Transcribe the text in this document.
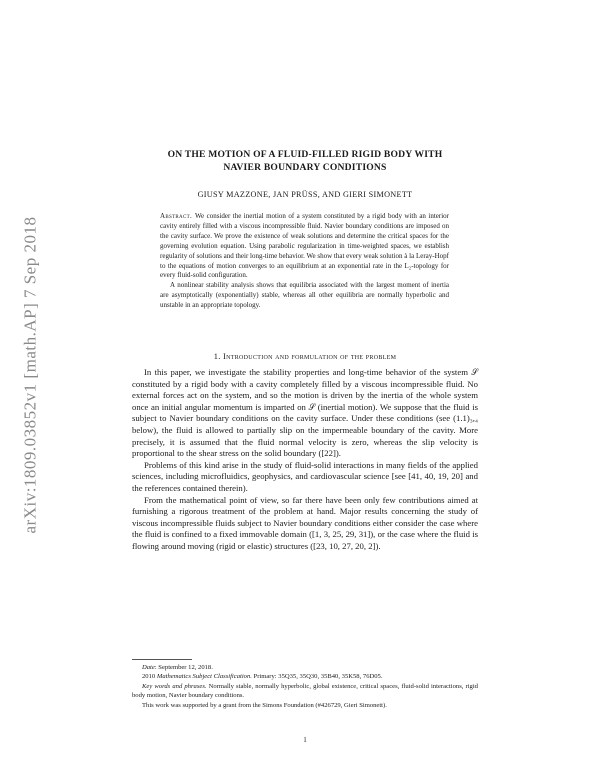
arXiv:1809.03852v1 [math.AP] 7 Sep 2018
ON THE MOTION OF A FLUID-FILLED RIGID BODY WITH
NAVIER BOUNDARY CONDITIONS
GIUSY MAZZONE, JAN PRÜSS, AND GIERI SIMONETT

Abstract. We consider the inertial motion of a system constituted by a rigid body with an interior cavity entirely filled with a viscous incompressible fluid. Navier boundary conditions are imposed on the cavity surface. We prove the existence of weak solutions and determine the critical spaces for the governing evolution equation. Using parabolic regularization in time-weighted spaces, we establish regularity of solutions and their long-time behavior. We show that every weak solution à la Leray-Hopf to the equations of motion converges to an equilibrium at an exponential rate in the L₂-topology for every fluid-solid configuration.

A nonlinear stability analysis shows that equilibria associated with the largest moment of inertia are asymptotically (exponentially) stable, whereas all other equilibria are normally hyperbolic and unstable in an appropriate topology.

1. Introduction and formulation of the problem

In this paper, we investigate the stability properties and long-time behavior of the system 𝒮 constituted by a rigid body with a cavity completely filled by a viscous incompressible fluid. No external forces act on the system, and so the motion is driven by the inertia of the whole system once an initial angular momentum is imparted on 𝒮 (inertial motion). We suppose that the fluid is subject to Navier boundary conditions on the cavity surface. Under these conditions (see (1.1)₃,₄ below), the fluid is allowed to partially slip on the impermeable boundary of the cavity. More precisely, it is assumed that the fluid normal velocity is zero, whereas the slip velocity is proportional to the shear stress on the solid boundary ([22]).

Problems of this kind arise in the study of fluid-solid interactions in many fields of the applied sciences, including microfluidics, geophysics, and cardiovascular science [see [41, 40, 19, 20] and the references contained therein).

From the mathematical point of view, so far there have been only few contributions aimed at furnishing a rigorous treatment of the problem at hand. Major results concerning the study of viscous incompressible fluids subject to Navier boundary conditions either consider the case where the fluid is confined to a fixed immovable domain ([1, 3, 25, 29, 31]), or the case where the fluid is flowing around moving (rigid or elastic) structures ([23, 10, 27, 20, 2]).

Date: September 12, 2018.

2010 Mathematics Subject Classification. Primary: 35Q35, 35Q30, 35B40, 35K58, 76D05.

Key words and phrases. Normally stable, normally hyperbolic, global existence, critical spaces, fluid-solid interactions, rigid body motion, Navier boundary conditions.

This work was supported by a grant from the Simons Foundation (#426729, Gieri Simonett).

1
